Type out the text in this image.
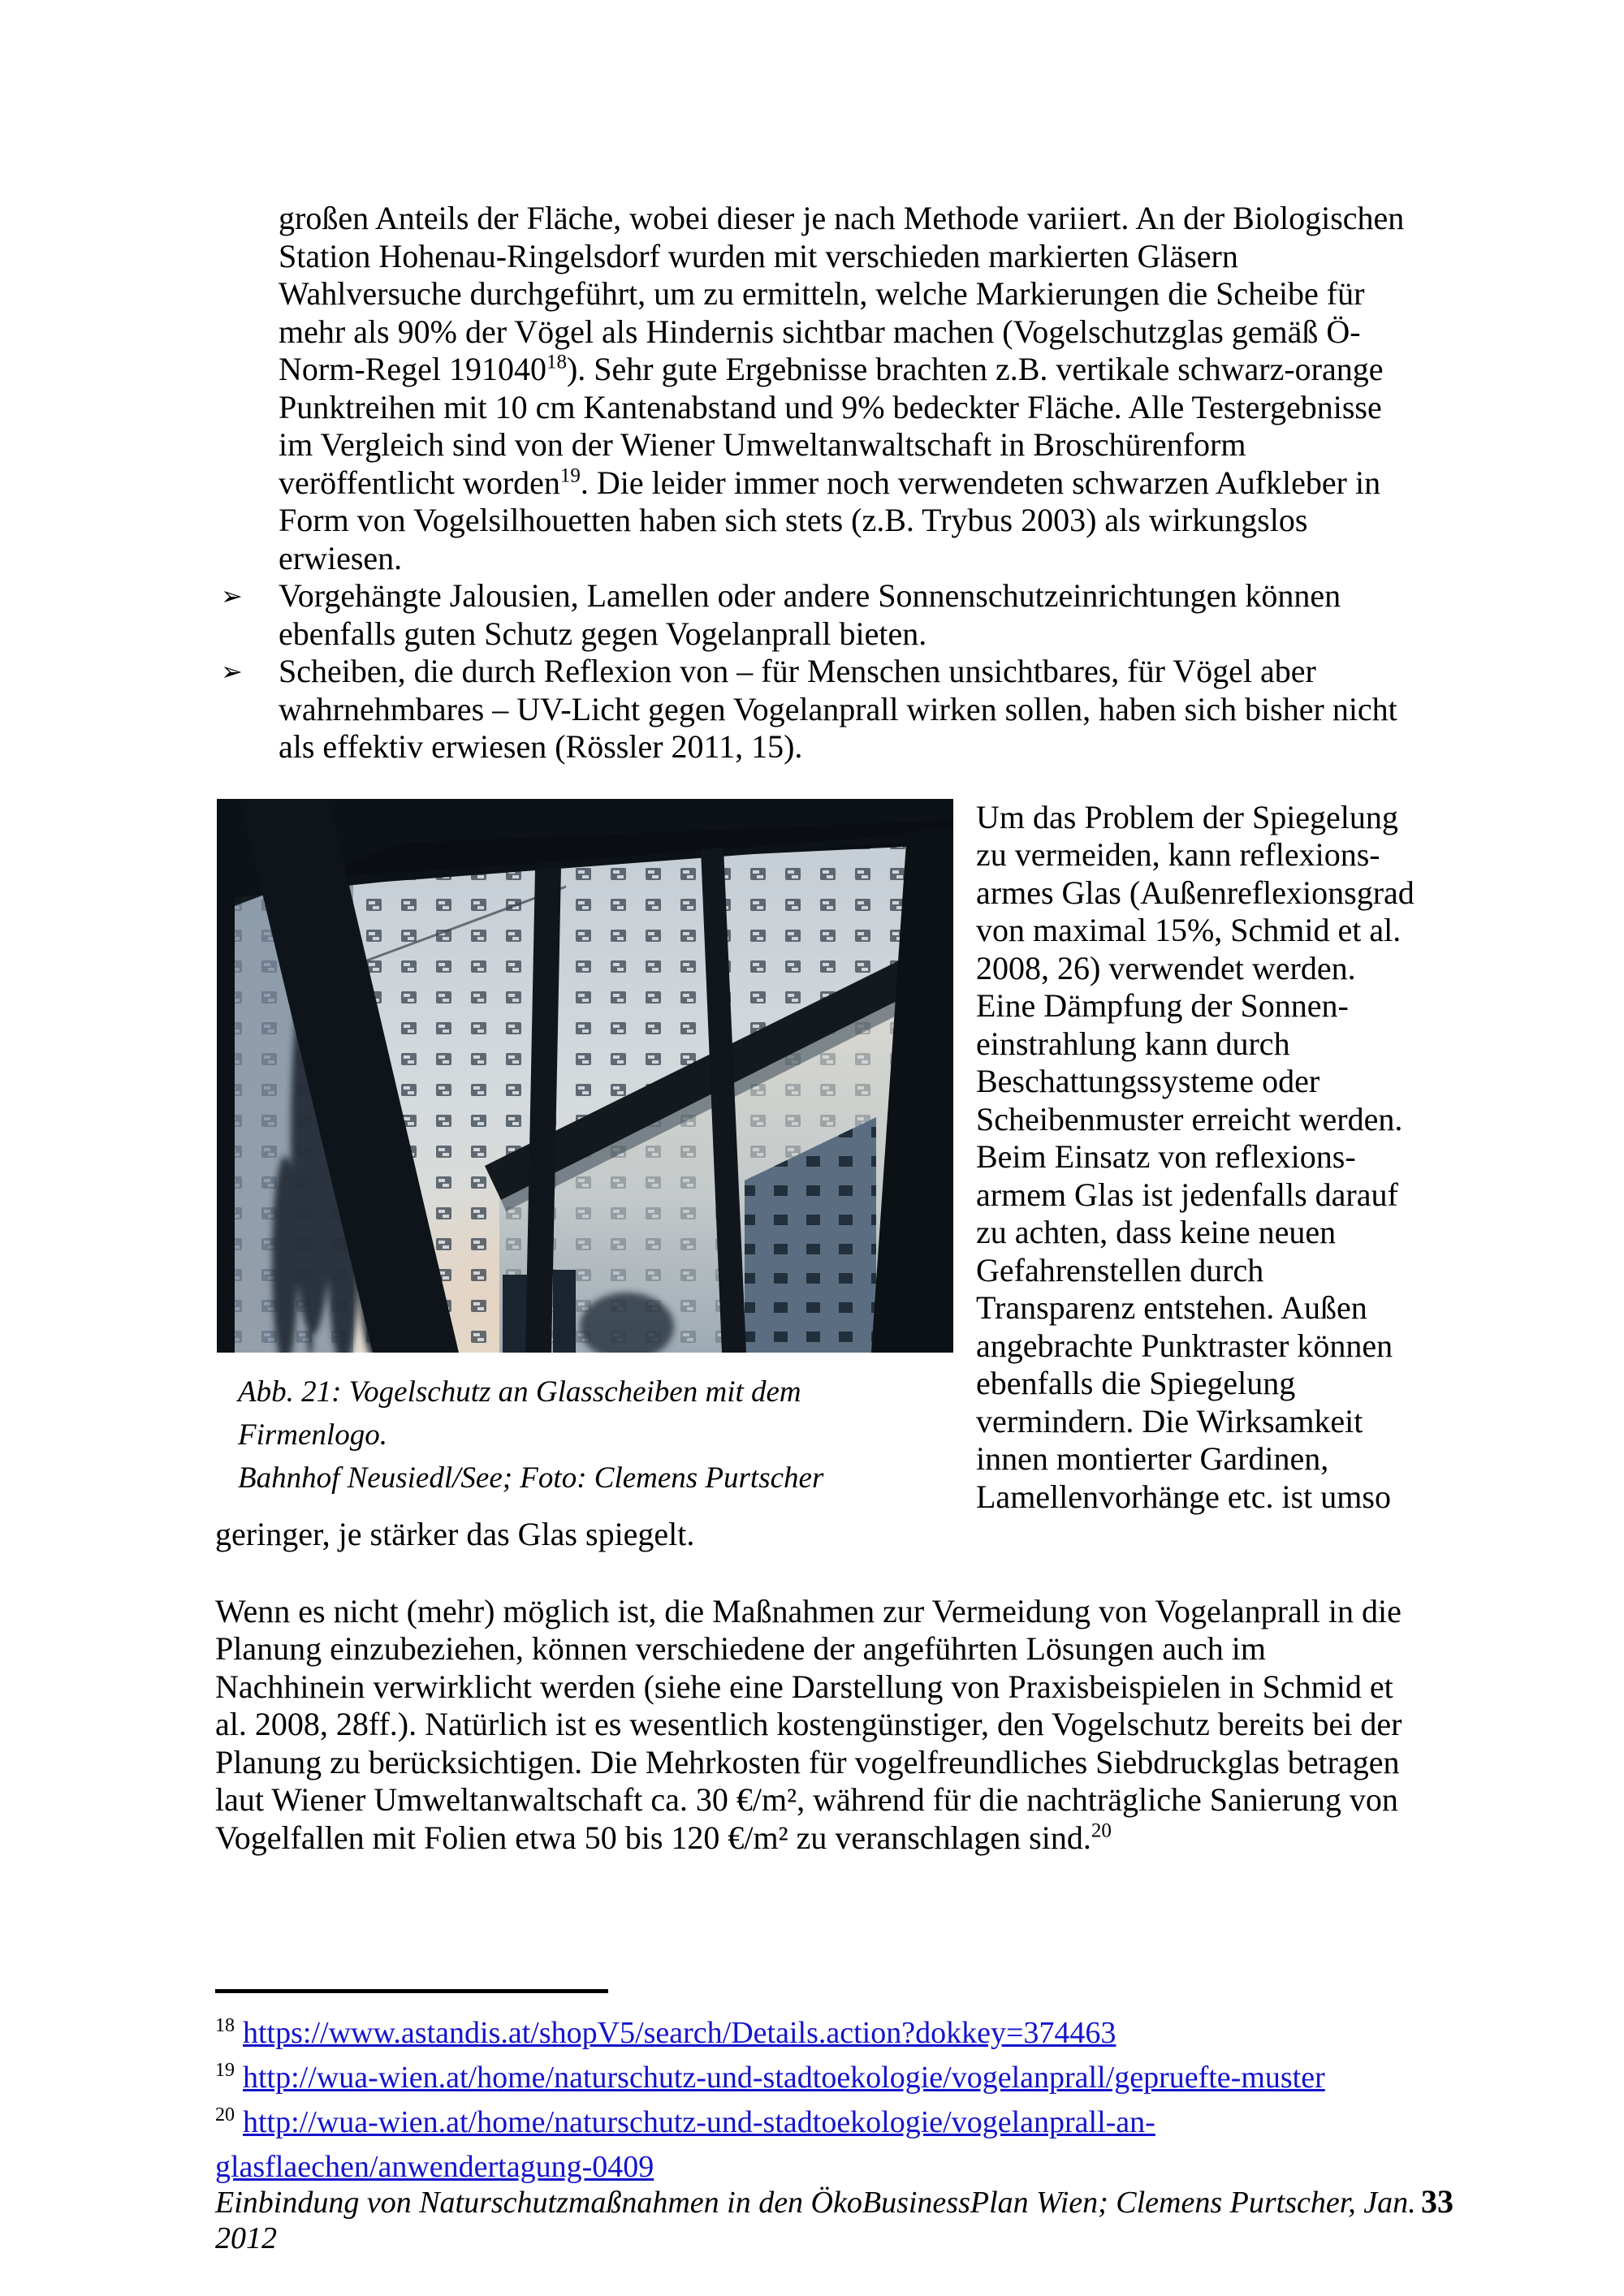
großen Anteils der Fläche, wobei dieser je nach Methode variiert. An der Biologischen Station Hohenau-Ringelsdorf wurden mit verschieden markierten Gläsern Wahlversuche durchgeführt, um zu ermitteln, welche Markierungen die Scheibe für mehr als 90% der Vögel als Hindernis sichtbar machen (Vogelschutzglas gemäß Ö-Norm-Regel 191040$^{18}$). Sehr gute Ergebnisse brachten z.B. vertikale schwarz-orange Punktreihen mit 10 cm Kantenabstand und 9% bedeckter Fläche. Alle Testergebnisse im Vergleich sind von der Wiener Umweltanwaltschaft in Broschürenform veröffentlicht worden$^{19}$. Die leider immer noch verwendeten schwarzen Aufkleber in Form von Vogelsilhouetten haben sich stets (z.B. Trybus 2003) als wirkungslos erwiesen.

➢	Vorgehängte Jalousien, Lamellen oder andere Sonnenschutzeinrichtungen können ebenfalls guten Schutz gegen Vogelanprall bieten.
➢	Scheiben, die durch Reflexion von – für Menschen unsichtbares, für Vögel aber wahrnehmbares – UV-Licht gegen Vogelanprall wirken sollen, haben sich bisher nicht als effektiv erwiesen (Rössler 2011, 15).
Abb. 21: Vogelschutz an Glasscheiben mit dem Firmenlogo.
Bahnhof Neusiedl/See; Foto: Clemens Purtscher

Um das Problem der Spiegelung zu vermeiden, kann reflexions-armes Glas (Außenreflexionsgrad von maximal 15%, Schmid et al. 2008, 26) verwendet werden. Eine Dämpfung der Sonnen-einstrahlung kann durch Beschattungssysteme oder Scheibenmuster erreicht werden. Beim Einsatz von reflexions-armem Glas ist jedenfalls darauf zu achten, dass keine neuen Gefahrenstellen durch Transparenz entstehen. Außen angebrachte Punktraster können ebenfalls die Spiegelung vermindern. Die Wirksamkeit innen montierter Gardinen, Lamellenvorhänge etc. ist umso geringer, je stärker das Glas spiegelt.

Wenn es nicht (mehr) möglich ist, die Maßnahmen zur Vermeidung von Vogelanprall in die Planung einzubeziehen, können verschiedene der angeführten Lösungen auch im Nachhinein verwirklicht werden (siehe eine Darstellung von Praxisbeispielen in Schmid et al. 2008, 28ff.). Natürlich ist es wesentlich kostengünstiger, den Vogelschutz bereits bei der Planung zu berücksichtigen. Die Mehrkosten für vogelfreundliches Siebdruckglas betragen laut Wiener Umweltanwaltschaft ca. 30 €/m², während für die nachträgliche Sanierung von Vogelfallen mit Folien etwa 50 bis 120 €/m² zu veranschlagen sind.$^{20}$

$^{18}$ https://www.astandis.at/shopV5/search/Details.action?dokkey=374463
$^{19}$ http://wua-wien.at/home/naturschutz-und-stadtoekologie/vogelanprall/gepruefte-muster
$^{20}$ http://wua-wien.at/home/naturschutz-und-stadtoekologie/vogelanprall-an-glasflaechen/anwendertagung-0409
Einbindung von Naturschutzmaßnahmen in den ÖkoBusinessPlan Wien; Clemens Purtscher, Jan. 2012
33
